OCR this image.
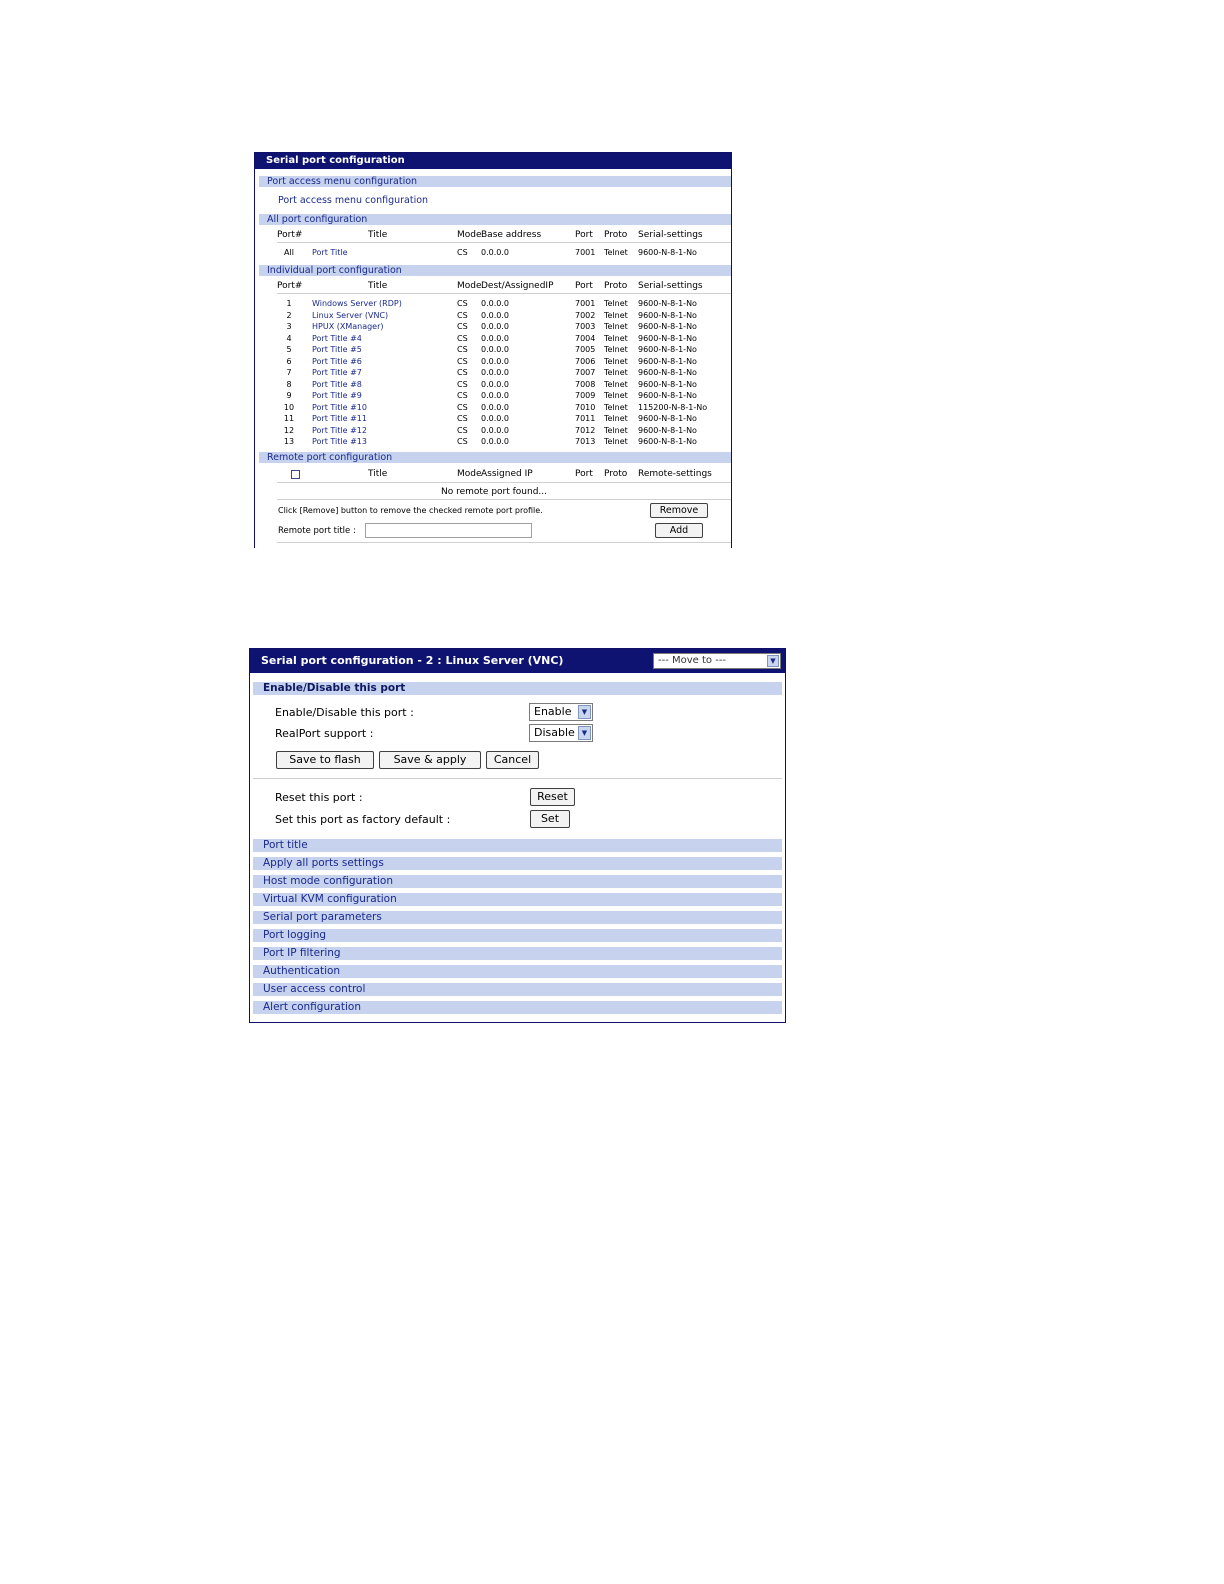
Serial port configuration
Port access menu configuration
Port access menu configuration
All port configuration
Port#	Title	Mode Base address	Port Proto Serial-settings
All	Port Title	CS 0.0.0.0	7001 Telnet 9600-N-8-1-No
Individual port configuration
Port#	Title	Mode Dest/AssignedIP Port Proto Serial-settings
1	Windows Server (RDP)	CS 0.0.0.0	7001 Telnet 9600-N-8-1-No
2	Linux Server (VNC)	CS 0.0.0.0	7002 Telnet 9600-N-8-1-No
3	HPUX (XManager)	CS 0.0.0.0	7003 Telnet 9600-N-8-1-No
4	Port Title #4	CS 0.0.0.0	7004 Telnet 9600-N-8-1-No
5	Port Title #5	CS 0.0.0.0	7005 Telnet 9600-N-8-1-No
6	Port Title #6	CS 0.0.0.0	7006 Telnet 9600-N-8-1-No
7	Port Title #7	CS 0.0.0.0	7007 Telnet 9600-N-8-1-No
8	Port Title #8	CS 0.0.0.0	7008 Telnet 9600-N-8-1-No
9	Port Title #9	CS 0.0.0.0	7009 Telnet 9600-N-8-1-No
10	Port Title #10	CS 0.0.0.0	7010 Telnet 115200-N-8-1-No
11	Port Title #11	CS 0.0.0.0	7011 Telnet 9600-N-8-1-No
12	Port Title #12	CS 0.0.0.0	7012 Telnet 9600-N-8-1-No
13	Port Title #13	CS 0.0.0.0	7013 Telnet 9600-N-8-1-No
Remote port configuration
Title	Mode Assigned IP	Port Proto Remote-settings
No remote port found...
Click [Remove] button to remove the checked remote port profile.	Remove
Remote port title :	Add
Serial port configuration - 2 : Linux Server (VNC)	--- Move to ---	▼
Enable/Disable this port
Enable/Disable this port :	Enable	▼
RealPort support :	Disable ▼
Save to flash	Save & apply	Cancel
Reset this port :	Reset
Set this port as factory default :	Set
Port title
Apply all ports settings
Host mode configuration
Virtual KVM configuration
Serial port parameters
Port logging
Port IP filtering
Authentication
User access control
Alert configuration
